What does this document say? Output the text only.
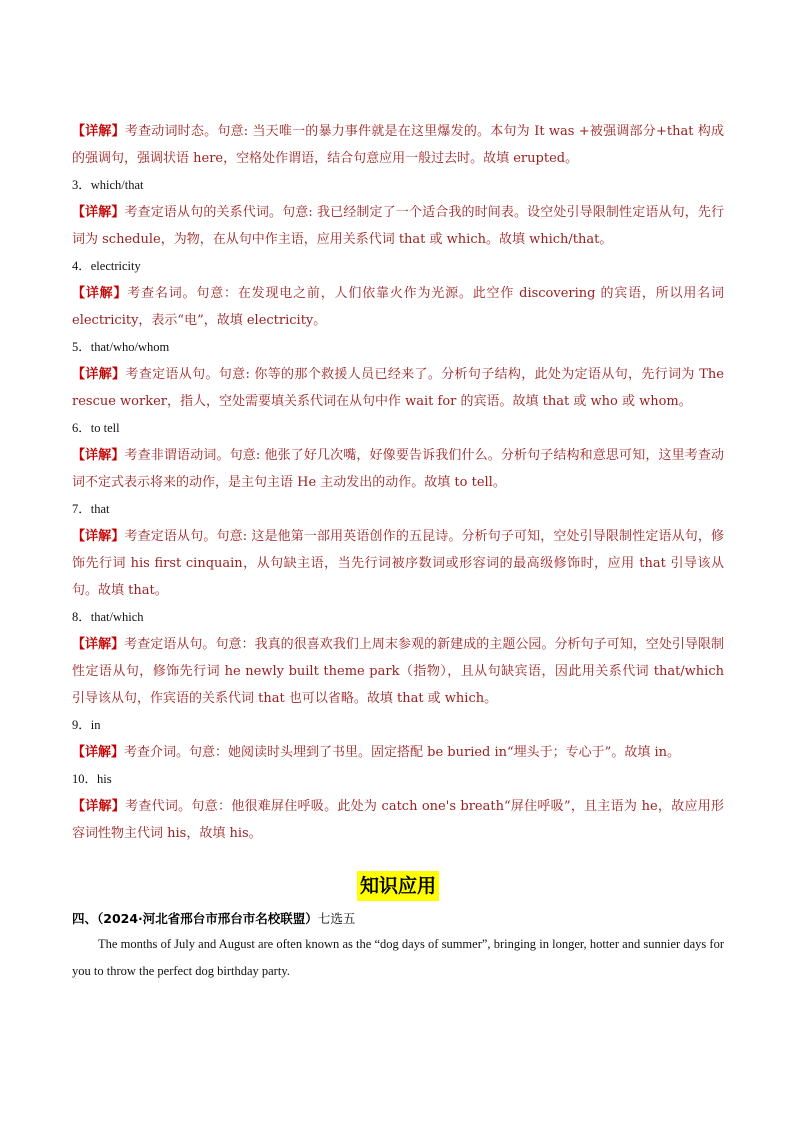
【详解】考查动词时态。句意: 当天唯一的暴力事件就是在这里爆发的。本句为 It was +被强调部分+that 构成的强调句，强调状语 here，空格处作谓语，结合句意应用一般过去时。故填 erupted。

3．which/that

【详解】考查定语从句的关系代词。句意: 我已经制定了一个适合我的时间表。设空处引导限制性定语从句，先行词为 schedule，为物，在从句中作主语，应用关系代词 that 或 which。故填 which/that。

4．electricity

【详解】考查名词。句意：在发现电之前，人们依靠火作为光源。此空作 discovering 的宾语，所以用名词 electricity，表示“电”，故填 electricity。

5．that/who/whom

【详解】考查定语从句。句意: 你等的那个救援人员已经来了。分析句子结构，此处为定语从句，先行词为 The rescue worker，指人，空处需要填关系代词在从句中作 wait for 的宾语。故填 that 或 who 或 whom。

6．to tell

【详解】考查非谓语动词。句意: 他张了好几次嘴，好像要告诉我们什么。分析句子结构和意思可知，这里考查动词不定式表示将来的动作，是主句主语 He 主动发出的动作。故填 to tell。

7．that

【详解】考查定语从句。句意: 这是他第一部用英语创作的五昆诗。分析句子可知，空处引导限制性定语从句，修饰先行词 his first cinquain，从句缺主语，当先行词被序数词或形容词的最高级修饰时，应用 that 引导该从句。故填 that。

8．that/which

【详解】考查定语从句。句意：我真的很喜欢我们上周末参观的新建成的主题公园。分析句子可知，空处引导限制性定语从句，修饰先行词 he newly built theme park（指物），且从句缺宾语，因此用关系代词 that/which 引导该从句，作宾语的关系代词 that 也可以省略。故填 that 或 which。

9．in

【详解】考查介词。句意：她阅读时头埋到了书里。固定搭配 be buried in“埋头于；专心于”。故填 in。

10．his

【详解】考查代词。句意：他很难屏住呼吸。此处为 catch one's breath“屏住呼吸”，且主语为 he，故应用形容词性物主代词 his，故填 his。

知识应用

四、（2024·河北省邢台市邢台市名校联盟）七选五

The months of July and August are often known as the “dog days of summer”, bringing in longer, hotter and sunnier days for you to throw the perfect dog birthday party.
